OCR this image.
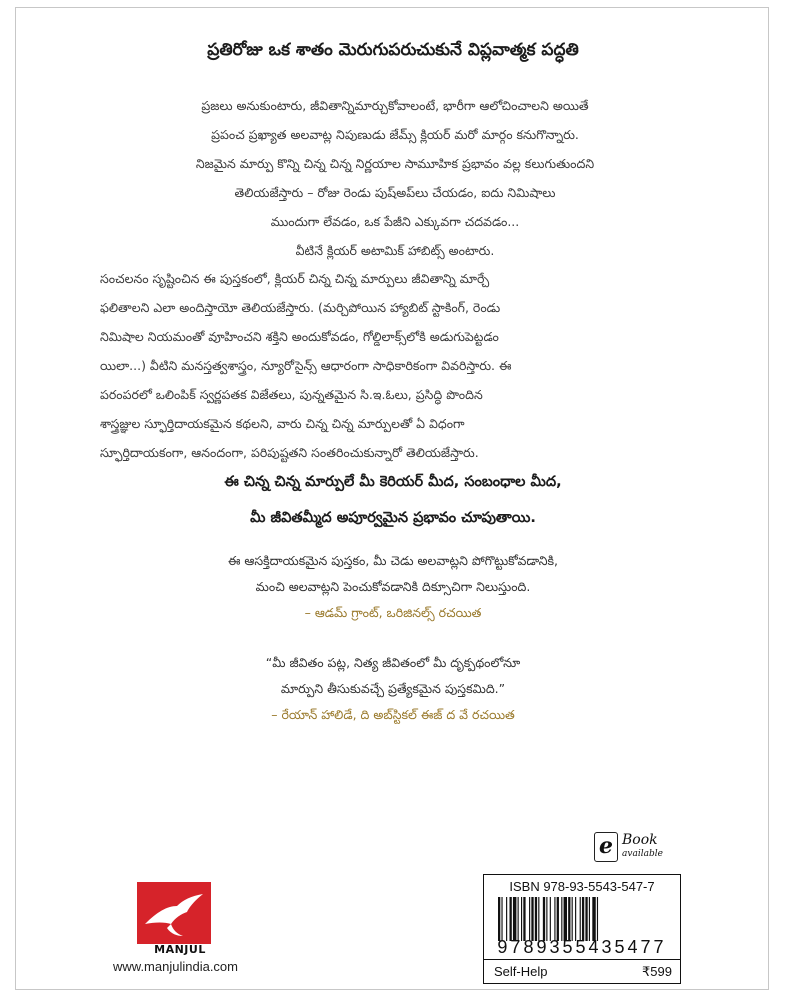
ప్రతిరోజు ఒక శాతం మెరుగుపరుచుకునే విప్లవాత్మక పద్ధతి
ప్రజలు అనుకుంటారు, జీవితాన్నిమార్చుకోవాలంటే, భారీగా ఆలోచించాలని అయితే
ప్రపంచ ప్రఖ్యాత అలవాట్ల నిపుణుడు జేమ్స్ క్లియర్ మరో మార్గం కనుగొన్నారు.
నిజమైన మార్పు కొన్ని చిన్న చిన్న నిర్ణయాల సామూహిక ప్రభావం వల్ల కలుగుతుందని
తెలియజేస్తారు – రోజు రెండు పుష్అప్‌లు చేయడం, ఐదు నిమిషాలు
ముందుగా లేవడం, ఒక పేజీని ఎక్కువగా చదవడం...
వీటినే క్లియర్ అటామిక్ హాబిట్స్ అంటారు.
సంచలనం సృష్టించిన ఈ పుస్తకంలో, క్లియర్ చిన్న చిన్న మార్పులు జీవితాన్ని మార్చే
ఫలితాలని ఎలా అందిస్తాయో తెలియజేస్తారు. (మర్చిపోయిన హ్యాబిట్ స్టాకింగ్, రెండు
నిమిషాల నియమంతో వూహించని శక్తిని అందుకోవడం, గోల్డిలాక్స్‌లోకి అడుగుపెట్టడం
యిలా...) వీటిని మనస్తత్వశాస్త్రం, న్యూరోసైన్స్ ఆధారంగా సాధికారికంగా వివరిస్తారు. ఈ
పరంపరలో ఒలింపిక్ స్వర్ణపతక విజేతలు, పున్నతమైన సి.ఇ.ఓలు, ప్రసిద్ధి పొందిన
శాస్త్రజ్ఞుల స్ఫూర్తిదాయకమైన కథలని, వారు చిన్న చిన్న మార్పులతో ఏ విధంగా
స్ఫూర్తిదాయకంగా, ఆనందంగా, పరిపుష్టతని సంతరించుకున్నారో తెలియజేస్తారు.
ఈ చిన్న చిన్న మార్పులే మీ కెరియర్ మీద, సంబంధాల మీద,
మీ జీవితమ్మీద అపూర్వమైన ప్రభావం చూపుతాయి.
ఈ ఆసక్తిదాయకమైన పుస్తకం, మీ చెడు అలవాట్లని పోగొట్టుకోవడానికి,
మంచి అలవాట్లని పెంచుకోవడానికి దిక్సూచిగా నిలుస్తుంది.
– ఆడమ్ గ్రాంట్, ఒరిజినల్స్ రచయిత
“మీ జీవితం పట్ల, నిత్య జీవితంలో మీ దృక్పథంలోనూ
మార్పుని తీసుకువచ్చే ప్రత్యేకమైన పుస్తకమిది.”
– రేయాన్ హాలిడే, ది అబ్‌స్టికల్ ఈజ్ ద వే రచయిత
e Book
available
MANJUL
www.manjulindia.com
ISBN 978-93-5543-547-7
9789355435477
Self-Help	₹599
